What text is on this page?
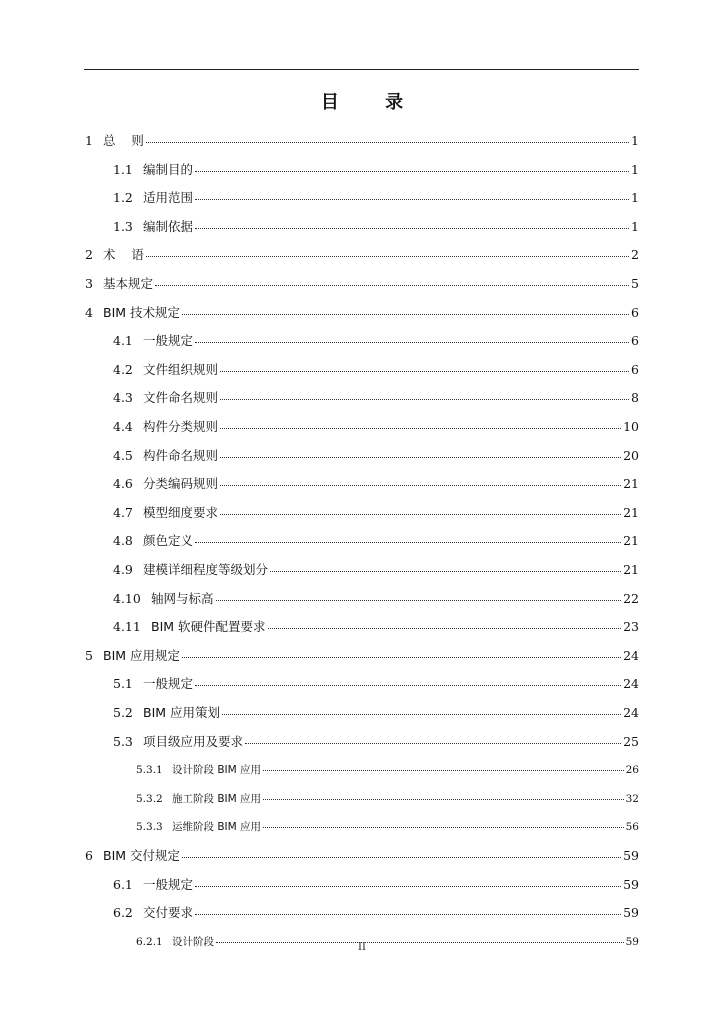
目 录
1 总    则	1
1.1 编制目的	1
1.2 适用范围	1
1.3 编制依据	1
2 术    语	2
3 基本规定	5
4 BIM 技术规定	6
4.1 一般规定	6
4.2 文件组织规则	6
4.3 文件命名规则	8
4.4 构件分类规则	10
4.5 构件命名规则	20
4.6 分类编码规则	21
4.7 模型细度要求	21
4.8 颜色定义	21
4.9 建模详细程度等级划分	21
4.10 轴网与标高	22
4.11 BIM 软硬件配置要求	23
5 BIM 应用规定	24
5.1 一般规定	24
5.2 BIM 应用策划	24
5.3 项目级应用及要求	25
5.3.1 设计阶段 BIM 应用	26
5.3.2 施工阶段 BIM 应用	32
5.3.3 运维阶段 BIM 应用	56
6 BIM 交付规定	59
6.1 一般规定	59
6.2 交付要求	59
6.2.1 设计阶段	59
II
